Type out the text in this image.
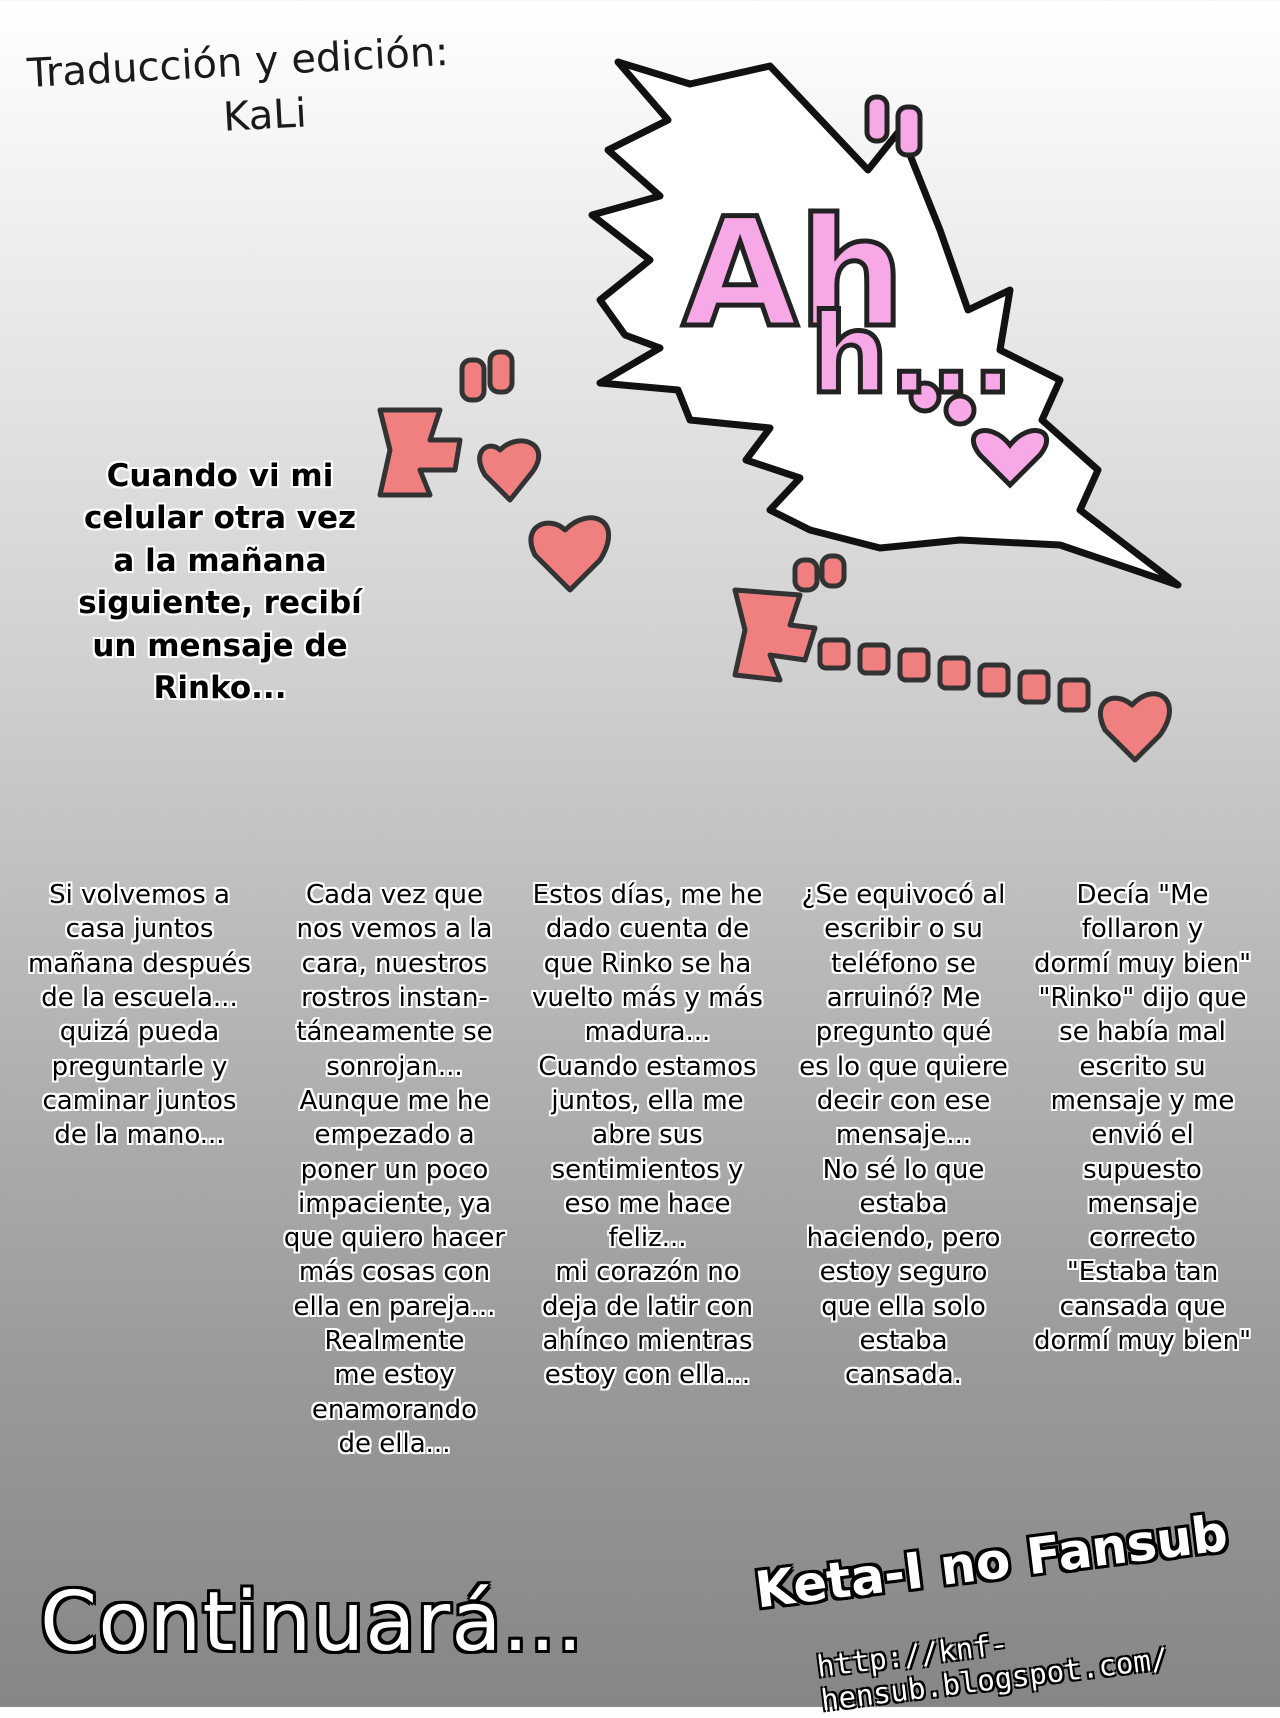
Ah
h...
Traducción y edición:
KaLi
Cuando vi mi celular otra vez a la mañana siguiente, recibí un mensaje de Rinko...
Si volvemos a
casa juntos
mañana después
de la escuela...
quizá pueda
preguntarle y
caminar juntos
de la mano...
Cada vez que
nos vemos a la
cara, nuestros
rostros instan-
táneamente se
sonrojan...
Aunque me he
empezado a
poner un poco
impaciente, ya
que quiero hacer
más cosas con
ella en pareja...
Realmente
me estoy
enamorando
de ella...
Estos días, me he
dado cuenta de
que Rinko se ha
vuelto más y más
madura...
Cuando estamos
juntos, ella me
abre sus
sentimientos y
eso me hace
feliz...
mi corazón no
deja de latir con
ahínco mientras
estoy con ella...
¿Se equivocó al
escribir o su
teléfono se
arruinó? Me
pregunto qué
es lo que quiere
decir con ese
mensaje...
No sé lo que
estaba
haciendo, pero
estoy seguro
que ella solo
estaba
cansada.
Decía "Me
follaron y
dormí muy bien"
"Rinko" dijo que
se había mal
escrito su
mensaje y me
envió el
supuesto
mensaje
correcto
"Estaba tan
cansada que
dormí muy bien"
Continuará...
Keta-I no Fansub
http://knf-hensub.blogspot.com/
